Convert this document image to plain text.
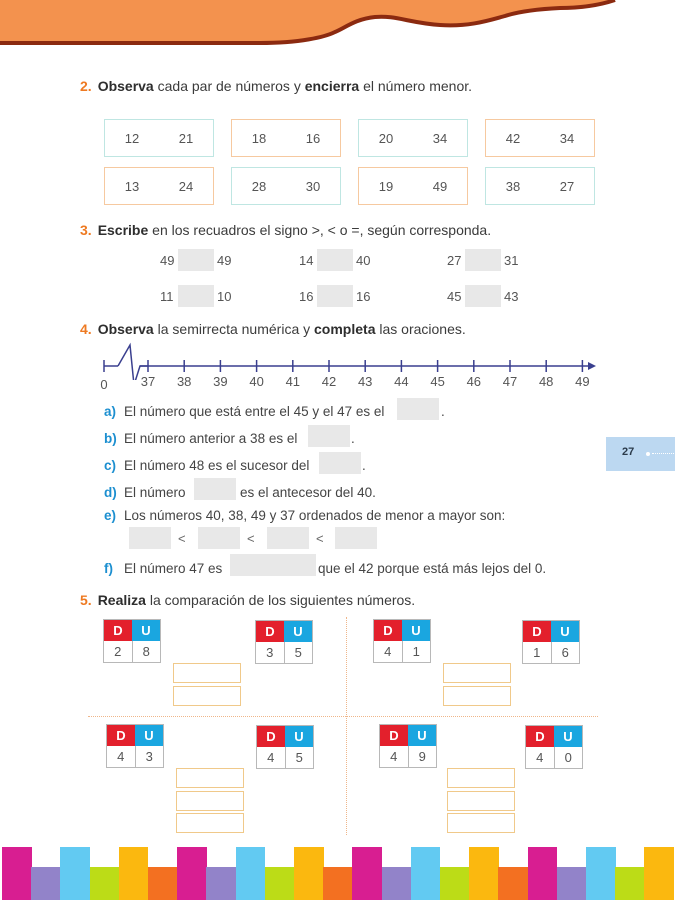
2. Observa cada par de números y encierra el número menor.
12	21	18	16	20	34	42	34
13	24	28	30	19	49	38	27
3. Escribe en los recuadros el signo >, < o =, según corresponda.
49	49	14	40	27	31
11	10	16	16	45	43
4. Observa la semirrecta numérica y completa las oraciones.
0	37 38 39 40 41 42 43 44 45 46 47 48 49
a) El número que está entre el 45 y el 47 es el	.
b) El número anterior a 38 es el	.
c) El número 48 es el sucesor del	.
d) El número	es el antecesor del 40.
e) Los números 40, 38, 49 y 37 ordenados de menor a mayor son:
<	<	<
f) El número 47 es	que el 42 porque está más lejos del 0.
27
5. Realiza la comparación de los siguientes números.
D	U
2	8
D	U
3	5
D	U
4	1
D	U
1	6
D	U
4	3
D	U
4	5
D	U
4	9
D	U
4	0
